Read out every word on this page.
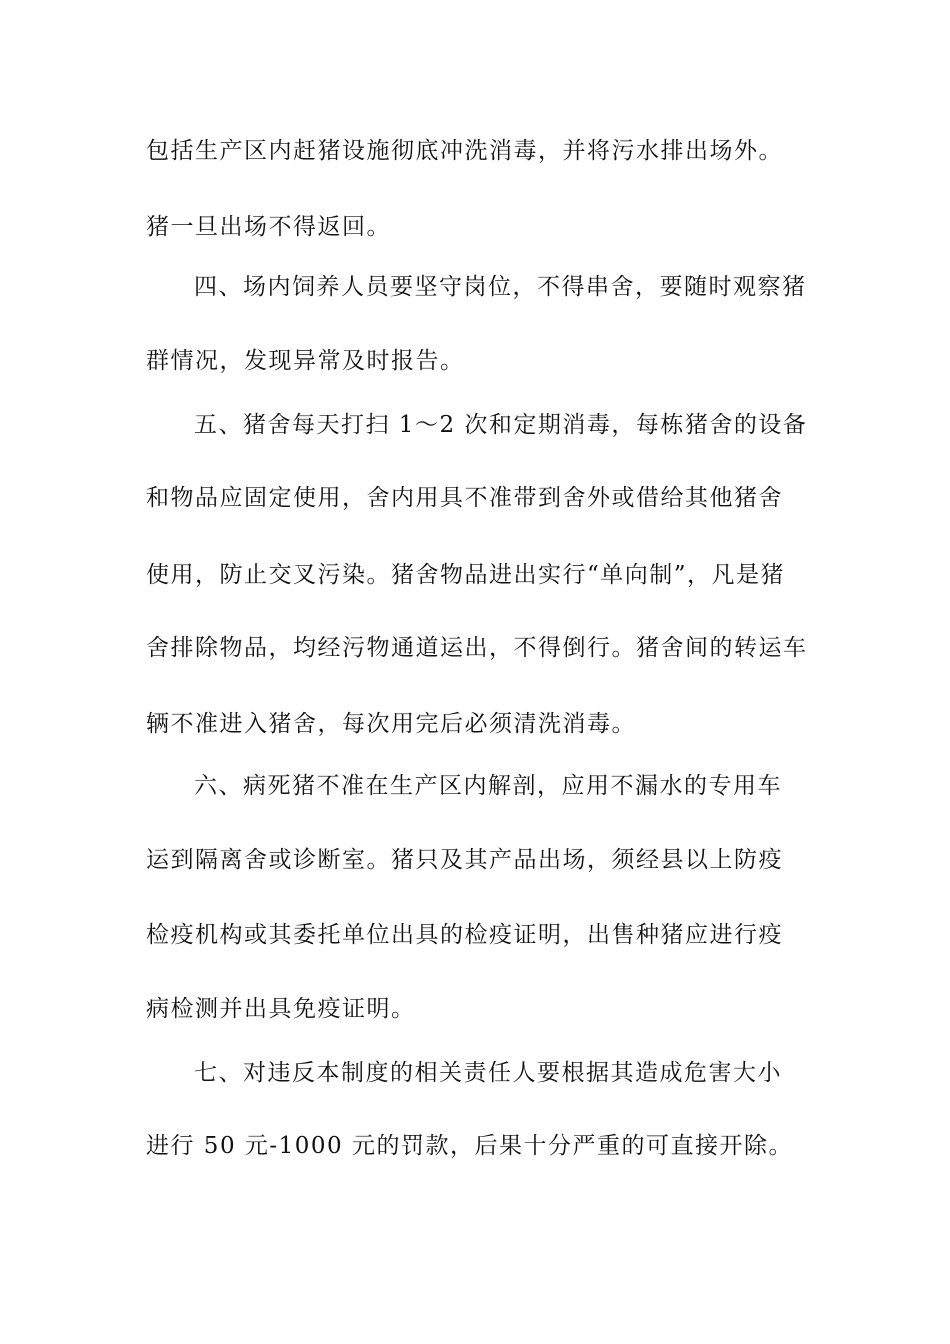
包括生产区内赶猪设施彻底冲洗消毒，并将污水排出场外。
猪一旦出场不得返回。
四、场内饲养人员要坚守岗位，不得串舍，要随时观察猪
群情况，发现异常及时报告。
五、猪舍每天打扫 1～2 次和定期消毒，每栋猪舍的设备
和物品应固定使用，舍内用具不准带到舍外或借给其他猪舍
使用，防止交叉污染。猪舍物品进出实行“单向制”，凡是猪
舍排除物品，均经污物通道运出，不得倒行。猪舍间的转运车
辆不准进入猪舍，每次用完后必须清洗消毒。
六、病死猪不准在生产区内解剖，应用不漏水的专用车
运到隔离舍或诊断室。猪只及其产品出场，须经县以上防疫
检疫机构或其委托单位出具的检疫证明，出售种猪应进行疫
病检测并出具免疫证明。
七、对违反本制度的相关责任人要根据其造成危害大小
进行 50 元-1000 元的罚款，后果十分严重的可直接开除。
